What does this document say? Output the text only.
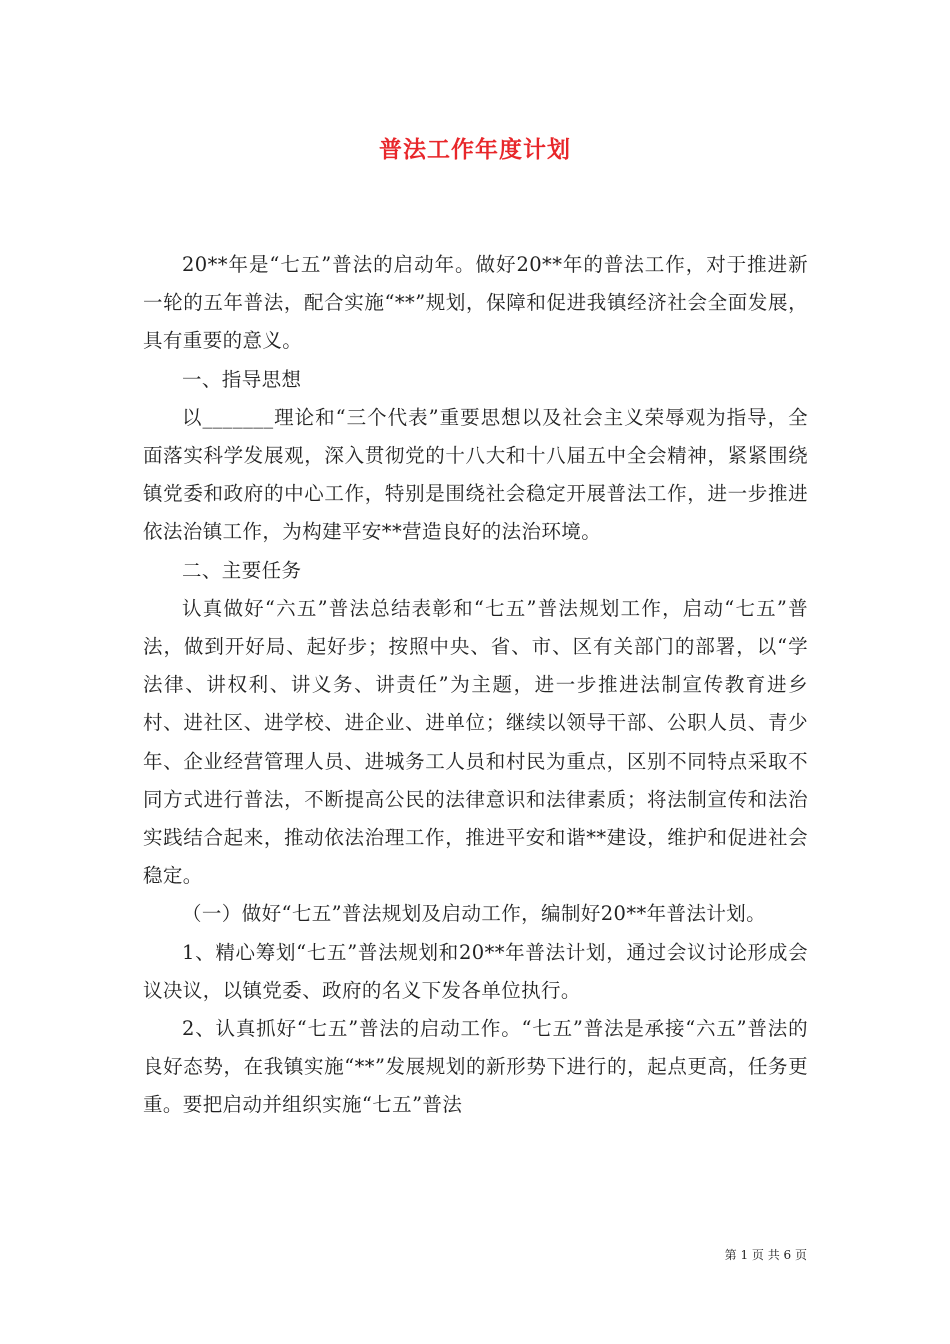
普法工作年度计划

20**年是“七五”普法的启动年。做好20**年的普法工作，对于推进新一轮的五年普法，配合实施“**”规划，保障和促进我镇经济社会全面发展，具有重要的意义。

一、指导思想

以_______理论和“三个代表”重要思想以及社会主义荣辱观为指导，全面落实科学发展观，深入贯彻党的十八大和十八届五中全会精神，紧紧围绕镇党委和政府的中心工作，特别是围绕社会稳定开展普法工作，进一步推进依法治镇工作，为构建平安**营造良好的法治环境。

二、主要任务

认真做好“六五”普法总结表彰和“七五”普法规划工作，启动“七五”普法，做到开好局、起好步；按照中央、省、市、区有关部门的部署，以“学法律、讲权利、讲义务、讲责任”为主题，进一步推进法制宣传教育进乡村、进社区、进学校、进企业、进单位；继续以领导干部、公职人员、青少年、企业经营管理人员、进城务工人员和村民为重点，区别不同特点采取不同方式进行普法，不断提高公民的法律意识和法律素质；将法制宣传和法治实践结合起来，推动依法治理工作，推进平安和谐**建设，维护和促进社会稳定。

（一）做好“七五”普法规划及启动工作，编制好20**年普法计划。

1、精心筹划“七五”普法规划和20**年普法计划，通过会议讨论形成会议决议，以镇党委、政府的名义下发各单位执行。

2、认真抓好“七五”普法的启动工作。“七五”普法是承接“六五”普法的良好态势，在我镇实施“**”发展规划的新形势下进行的，起点更高，任务更重。要把启动并组织实施“七五”普法

第 1 页 共 6 页
